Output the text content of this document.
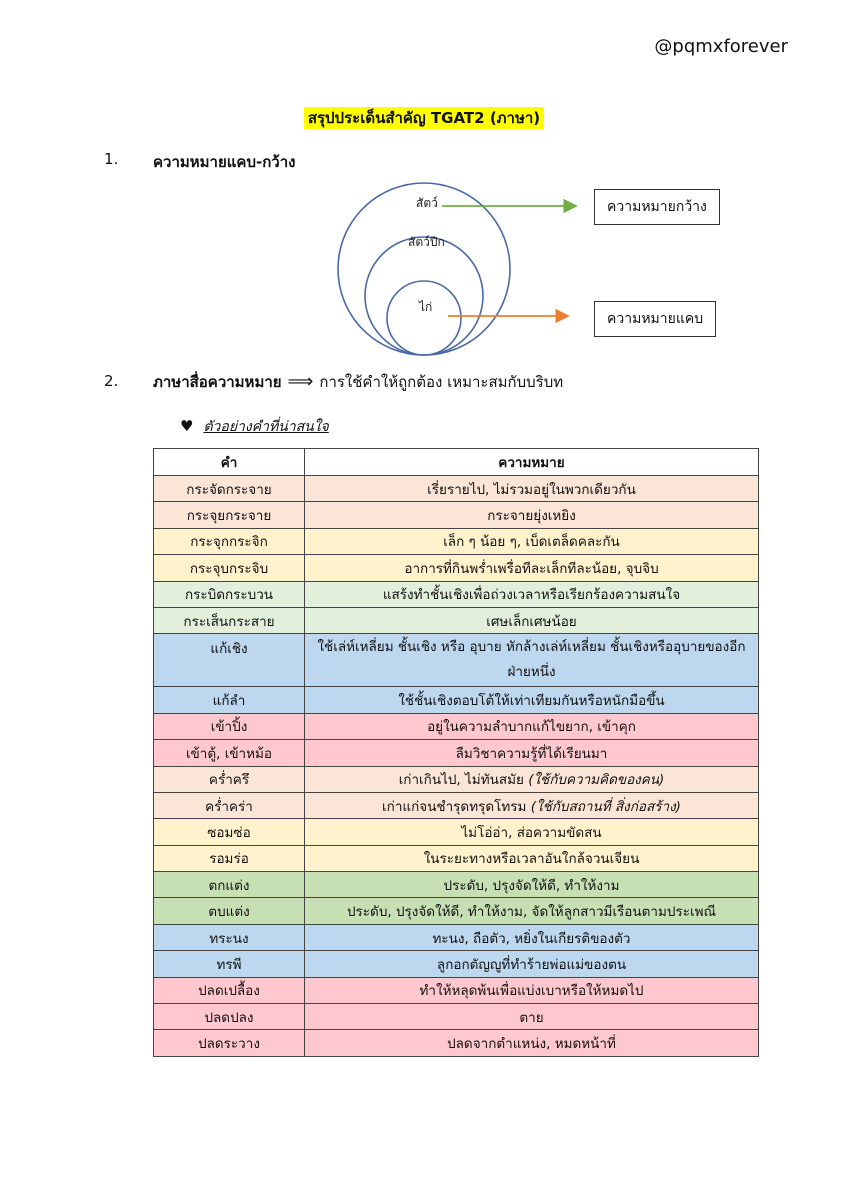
@pqmxforever
สรุปประเด็นสำคัญ TGAT2 (ภาษา)
1. ความหมายแคบ-กว้าง
สัตว์
สัตว์ปีก
ไก่
ความหมายกว้าง
ความหมายแคบ
2. ภาษาสื่อความหมาย ⟹ การใช้คำให้ถูกต้อง เหมาะสมกับบริบท
♥ ตัวอย่างคำที่น่าสนใจ
คำ	ความหมาย
กระจัดกระจาย	เรี่ยรายไป, ไม่รวมอยู่ในพวกเดียวกัน
กระจุยกระจาย	กระจายยุ่งเหยิง
กระจุกกระจิก	เล็ก ๆ น้อย ๆ, เบ็ดเตล็ดคละกัน
กระจุบกระจิบ	อาการที่กินพร่ำเพรื่อทีละเล็กทีละน้อย, จุบจิบ
กระบิดกระบวน	แสร้งทำชั้นเชิงเพื่อถ่วงเวลาหรือเรียกร้องความสนใจ
กระเส็นกระสาย	เศษเล็กเศษน้อย
แก้เชิง	ใช้เล่ห์เหลี่ยม ชั้นเชิง หรือ อุบาย หักล้างเล่ห์เหลี่ยม ชั้นเชิงหรืออุบายของอีกฝ่ายหนึ่ง
แก้ลำ	ใช้ชั้นเชิงตอบโต้ให้เท่าเทียมกันหรือหนักมือขึ้น
เข้าปิ้ง	อยู่ในความลำบากแก้ไขยาก, เข้าคุก
เข้าตู้, เข้าหม้อ	ลืมวิชาความรู้ที่ได้เรียนมา
คร่ำครึ	เก่าเกินไป, ไม่ทันสมัย (ใช้กับความคิดของคน)
คร่ำคร่า	เก่าแก่จนชำรุดทรุดโทรม (ใช้กับสถานที่ สิ่งก่อสร้าง)
ซอมซ่อ	ไม่โอ่อ่า, ส่อความขัดสน
รอมร่อ	ในระยะทางหรือเวลาอันใกล้จวนเจียน
ตกแต่ง	ประดับ, ปรุงจัดให้ดี, ทำให้งาม
ตบแต่ง	ประดับ, ปรุงจัดให้ดี, ทำให้งาม, จัดให้ลูกสาวมีเรือนตามประเพณี
ทระนง	ทะนง, ถือตัว, หยิ่งในเกียรติของตัว
ทรพี	ลูกอกตัญญูที่ทำร้ายพ่อแม่ของตน
ปลดเปลื้อง	ทำให้หลุดพ้นเพื่อแบ่งเบาหรือให้หมดไป
ปลดปลง	ตาย
ปลดระวาง	ปลดจากตำแหน่ง, หมดหน้าที่
